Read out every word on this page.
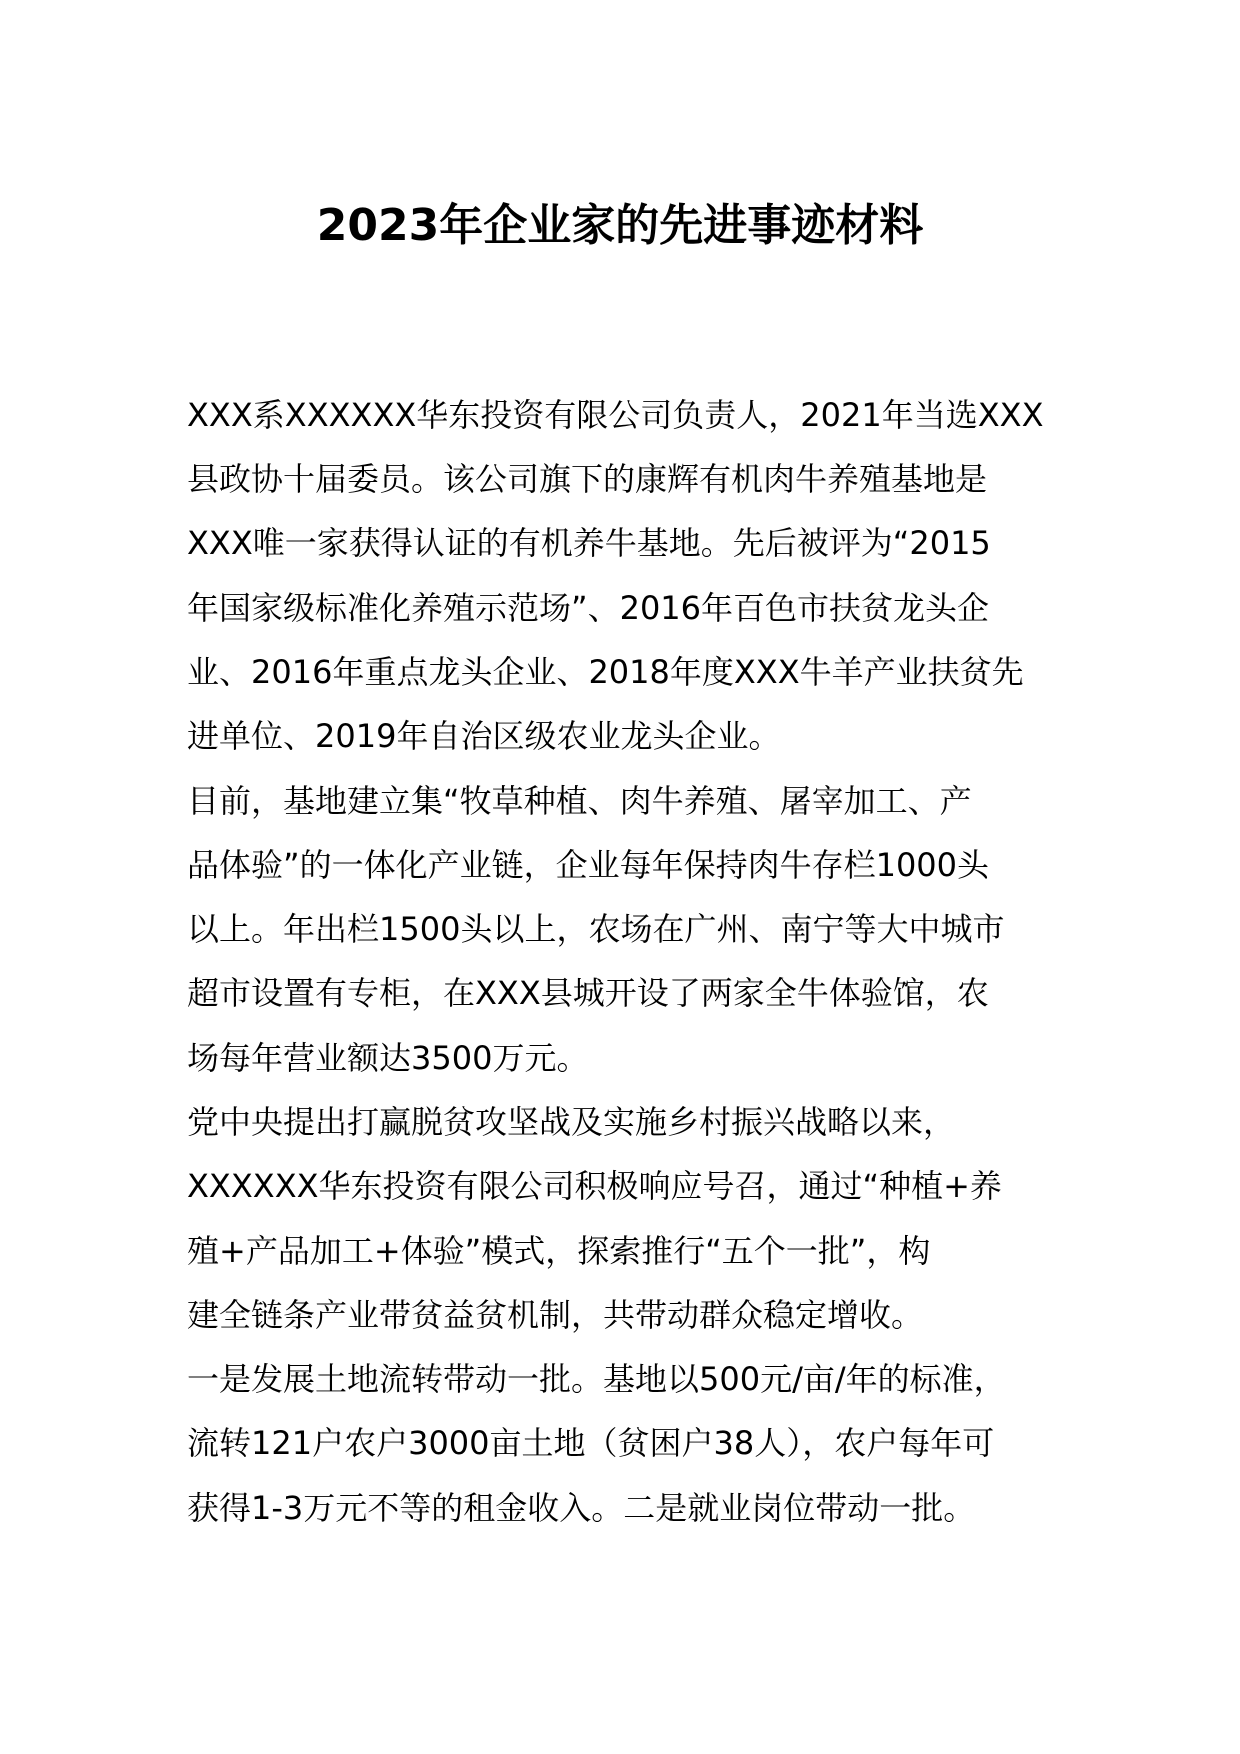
2023年企业家的先进事迹材料

XXX系XXXXXX华东投资有限公司负责人，2021年当选XXX

县政协十届委员。该公司旗下的康辉有机肉牛养殖基地是

XXX唯一家获得认证的有机养牛基地。先后被评为“2015

年国家级标准化养殖示范场”、2016年百色市扶贫龙头企

业、2016年重点龙头企业、2018年度XXX牛羊产业扶贫先

进单位、2019年自治区级农业龙头企业。

目前，基地建立集“牧草种植、肉牛养殖、屠宰加工、产

品体验”的一体化产业链，企业每年保持肉牛存栏1000头

以上。年出栏1500头以上，农场在广州、南宁等大中城市

超市设置有专柜，在XXX县城开设了两家全牛体验馆，农

场每年营业额达3500万元。

党中央提出打赢脱贫攻坚战及实施乡村振兴战略以来，

XXXXXX华东投资有限公司积极响应号召，通过“种植+养

殖+产品加工+体验”模式，探索推行“五个一批”，构

建全链条产业带贫益贫机制，共带动群众稳定增收。

一是发展土地流转带动一批。基地以500元/亩/年的标准，

流转121户农户3000亩土地（贫困户38人），农户每年可

获得1-3万元不等的租金收入。二是就业岗位带动一批。
